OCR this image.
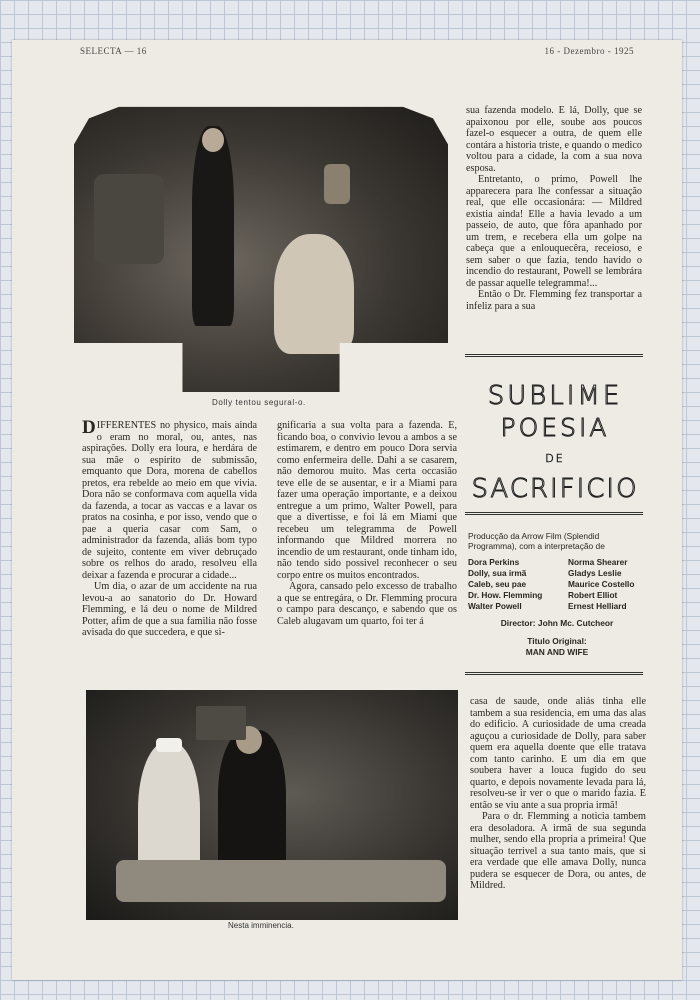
SELECTA — 16	16 - Dezembro - 1925
Dolly tentou segural-o.

DIFFERENTES no physico, mais ainda o eram no moral, ou, antes, nas aspirações. Dolly era loura, e herdára de sua mãe o espirito de submissão, emquanto que Dora, morena de cabellos pretos, era rebelde ao meio em que vivia. Dora não se conformava com aquella vida da fazenda, a tocar as vaccas e a lavar os pratos na cosinha, e por isso, vendo que o pae a queria casar com Sam, o administrador da fazenda, aliás bom typo de sujeito, contente em viver debruçado sobre os relhos do arado, resolveu ella deixar a fazenda e procurar a cidade...

Um dia, o azar de um accidente na rua levou-a ao sanatorio do Dr. Howard Flemming, e lá deu o nome de Mildred Potter, afim de que a sua familia não fosse avisada do que succedera, e que si-

gnificaria a sua volta para a fazenda. E, ficando boa, o convivio levou a ambos a se estimarem, e dentro em pouco Dora servia como enfermeira delle. Dahi a se casarem, não demorou muito. Mas certa occasião teve elle de se ausentar, e ir a Miami para fazer uma operação importante, e a deixou entregue a um primo, Walter Powell, para que a divertisse, e foi lá em Miami que recebeu um telegramma de Powell informando que Mildred morrera no incendio de um restaurant, onde tinham ido, não tendo sido possivel reconhecer o seu corpo entre os muitos encontrados.

Agora, cansado pelo excesso de trabalho a que se entregára, o Dr. Flemming procura o campo para descanço, e sabendo que os Caleb alugavam um quarto, foi ter á

sua fazenda modelo. E lá, Dolly, que se apaixonou por elle, soube aos poucos fazel-o esquecer a outra, de quem elle contára a historia triste, e quando o medico voltou para a cidade, la com a sua nova esposa.

Entretanto, o primo, Powell lhe apparecera para lhe confessar a situação real, que elle occasionára: — Mildred existia ainda! Elle a havia levado a um passeio, de auto, que fôra apanhado por um trem, e recebera ella um golpe na cabeça que a enlouquecêra, receioso, e sem saber o que fazia, tendo havido o incendio do restaurant, Powell se lembrára de passar aquelle telegramma!...

Então o Dr. Flemming fez transportar a infeliz para a sua

SUBLIME
POESIA
DE
SACRIFICIO
Producção da Arrow Film (Splendid Programma), com a interpretação de
Dora Perkins	Norma Shearer
Dolly, sua irmã	Gladys Leslie
Caleb, seu pae	Maurice Costello
Dr. How. Flemming	Robert Elliot
Walter Powell	Ernest Helliard
Director: John Mc. Cutcheor
Titulo Original:
MAN AND WIFE
Nesta imminencia.

casa de saude, onde aliás tinha elle tambem a sua residencia, em uma das alas do edificio. A curiosidade de uma creada aguçou a curiosidade de Dolly, para saber quem era aquella doente que elle tratava com tanto carinho. E um dia em que soubera haver a louca fugido do seu quarto, e depois novamente levada para lá, resolveu-se ir ver o que o marido fazia. E então se viu ante a sua propria irmã!

Para o dr. Flemming a noticia tambem era desoladora. A irmã de sua segunda mulher, sendo ella propria a primeira! Que situação terrivel a sua tanto mais, que si era verdade que elle amava Dolly, nunca pudera se esquecer de Dora, ou antes, de Mildred.
